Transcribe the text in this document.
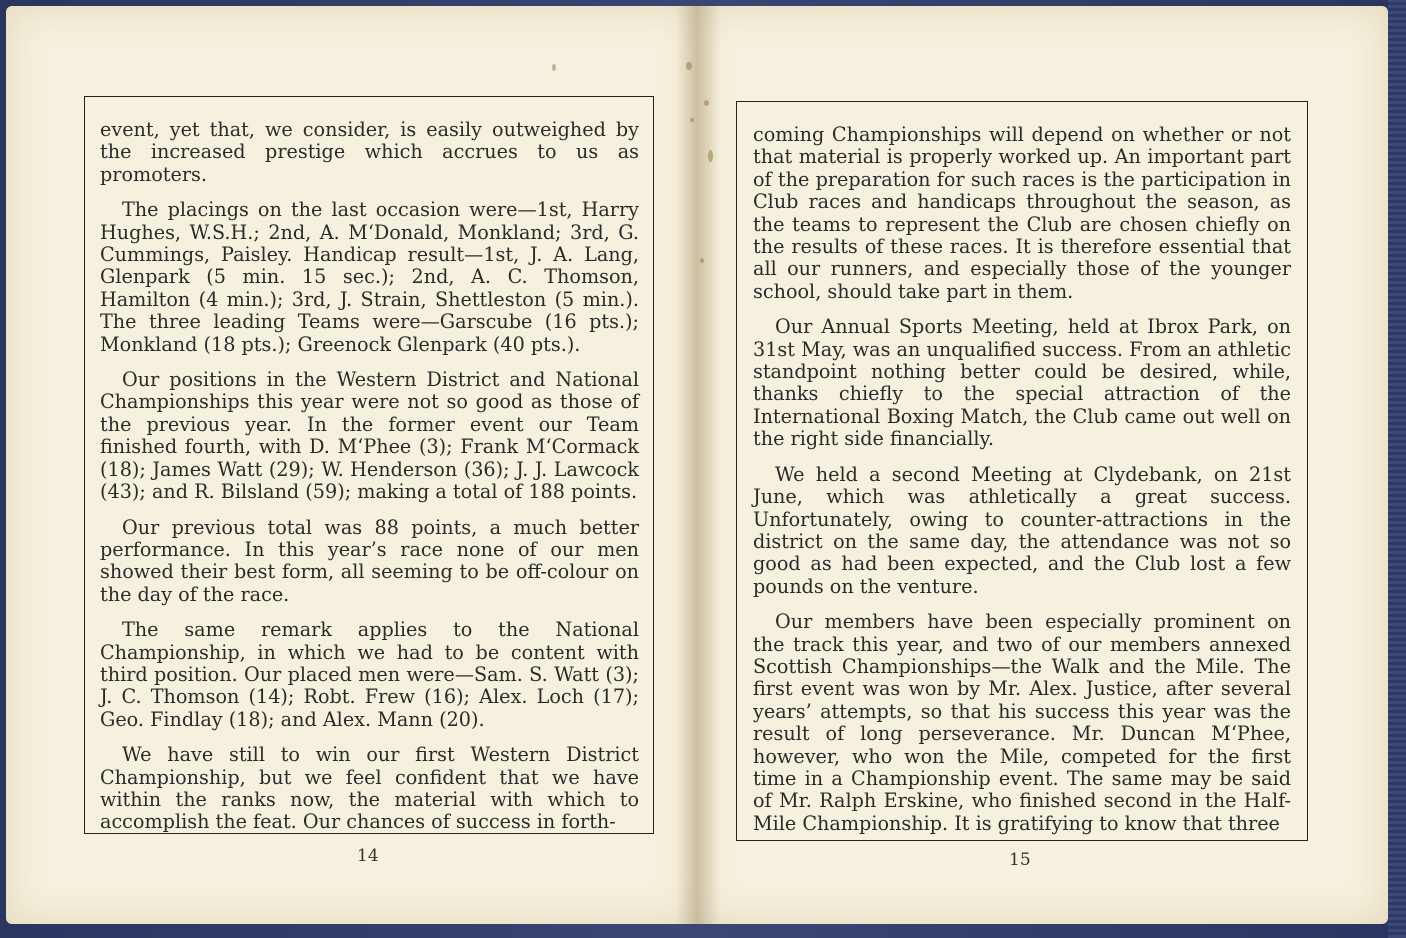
event, yet that, we consider, is easily outweighed by the increased prestige which accrues to us as promoters.

The placings on the last occasion were—1st, Harry Hughes, W.S.H.; 2nd, A. M‘Donald, Monkland; 3rd, G. Cummings, Paisley. Handicap result—1st, J. A. Lang, Glenpark (5 min. 15 sec.); 2nd, A. C. Thomson, Hamilton (4 min.); 3rd, J. Strain, Shettleston (5 min.). The three leading Teams were—Garscube (16 pts.); Monkland (18 pts.); Greenock Glenpark (40 pts.).

Our positions in the Western District and National Championships this year were not so good as those of the previous year. In the former event our Team finished fourth, with D. M‘Phee (3); Frank M‘Cormack (18); James Watt (29); W. Henderson (36); J. J. Lawcock (43); and R. Bilsland (59); making a total of 188 points.

Our previous total was 88 points, a much better performance. In this year’s race none of our men showed their best form, all seeming to be off-colour on the day of the race.

The same remark applies to the National Championship, in which we had to be content with third position. Our placed men were—Sam. S. Watt (3); J. C. Thomson (14); Robt. Frew (16); Alex. Loch (17); Geo. Findlay (18); and Alex. Mann (20).

We have still to win our first Western District Championship, but we feel confident that we have within the ranks now, the material with which to accomplish the feat. Our chances of success in forth-

14

coming Championships will depend on whether or not that material is properly worked up. An important part of the preparation for such races is the participation in Club races and handicaps throughout the season, as the teams to represent the Club are chosen chiefly on the results of these races. It is therefore essential that all our runners, and especially those of the younger school, should take part in them.

Our Annual Sports Meeting, held at Ibrox Park, on 31st May, was an unqualified success. From an athletic standpoint nothing better could be desired, while, thanks chiefly to the special attraction of the International Boxing Match, the Club came out well on the right side financially.

We held a second Meeting at Clydebank, on 21st June, which was athletically a great success. Unfortunately, owing to counter-attractions in the district on the same day, the attendance was not so good as had been expected, and the Club lost a few pounds on the venture.

Our members have been especially prominent on the track this year, and two of our members annexed Scottish Championships—the Walk and the Mile. The first event was won by Mr. Alex. Justice, after several years’ attempts, so that his success this year was the result of long perseverance. Mr. Duncan M‘Phee, however, who won the Mile, competed for the first time in a Championship event. The same may be said of Mr. Ralph Erskine, who finished second in the Half-Mile Championship. It is gratifying to know that three

15
